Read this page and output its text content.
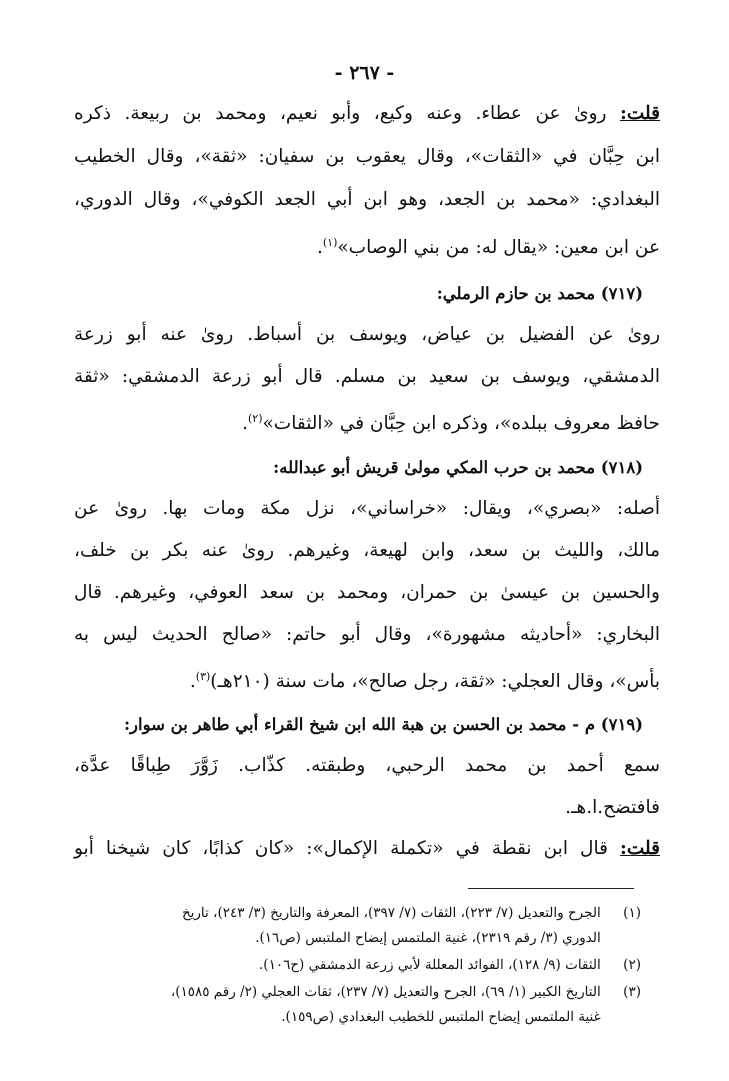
- ٢٦٧ -
قلت: رویٰ عن عطاء. وعنه وكيع، وأبو نعيم، ومحمد بن ربيعة. ذكره
ابن حِبَّان في «الثقات»، وقال يعقوب بن سفيان: «ثقة»، وقال الخطيب
البغدادي: «محمد بن الجعد، وهو ابن أبي الجعد الكوفي»، وقال الدوري،
عن ابن معين: «يقال له: من بني الوصاب»$^{(١)}$.
(٧١٧) محمد بن حازم الرملي:
رویٰ عن الفضيل بن عياض، ويوسف بن أسباط. رویٰ عنه أبو زرعة
الدمشقي، ويوسف بن سعيد بن مسلم. قال أبو زرعة الدمشقي: «ثقة
حافظ معروف ببلده»، وذكره ابن حِبَّان في «الثقات»$^{(٢)}$.
(٧١٨) محمد بن حرب المكي مولیٰ قريش أبو عبدالله:
أصله: «بصري»، ويقال: «خراساني»، نزل مكة ومات بها. رویٰ عن
مالك، والليث بن سعد، وابن لهيعة، وغيرهم. رویٰ عنه بكر بن خلف،
والحسين بن عيسیٰ بن حمران، ومحمد بن سعد العوفي، وغيرهم. قال
البخاري: «أحاديثه مشهورة»، وقال أبو حاتم: «صالح الحديث ليس به
بأس»، وقال العجلي: «ثقة، رجل صالح»، مات سنة (٢١٠هـ)$^{(٣)}$.
(٧١٩) م - محمد بن الحسن بن هبة الله ابن شيخ القراء أبي طاهر بن سوار:
سمع أحمد بن محمد الرحبي، وطبقته. كذّاب. زَوَّرَ طِباقًا عدَّة،
فافتضح.ا.هـ.
قلت: قال ابن نقطة في «تكملة الإكمال»: «كان كذابًا، كان شيخنا أبو
(١) الجرح والتعديل (٧/ ٢٢٣)، الثقات (٧/ ٣٩٧)، المعرفة والتاريخ (٣/ ٢٤٣)، تاريخ
الدوري (٣/ رقم ٢٣١٩)، غنية الملتمس إيضاح الملتبس (ص١٦).
(٢) الثقات (٩/ ١٢٨)، الفوائد المعللة لأبي زرعة الدمشقي (ح١٠٦).
(٣) التاريخ الكبير (١/ ٦٩)، الجرح والتعديل (٧/ ٢٣٧)، ثقات العجلي (٢/ رقم ١٥٨٥)،
غنية الملتمس إيضاح الملتبس للخطيب البغدادي (ص١٥٩).
